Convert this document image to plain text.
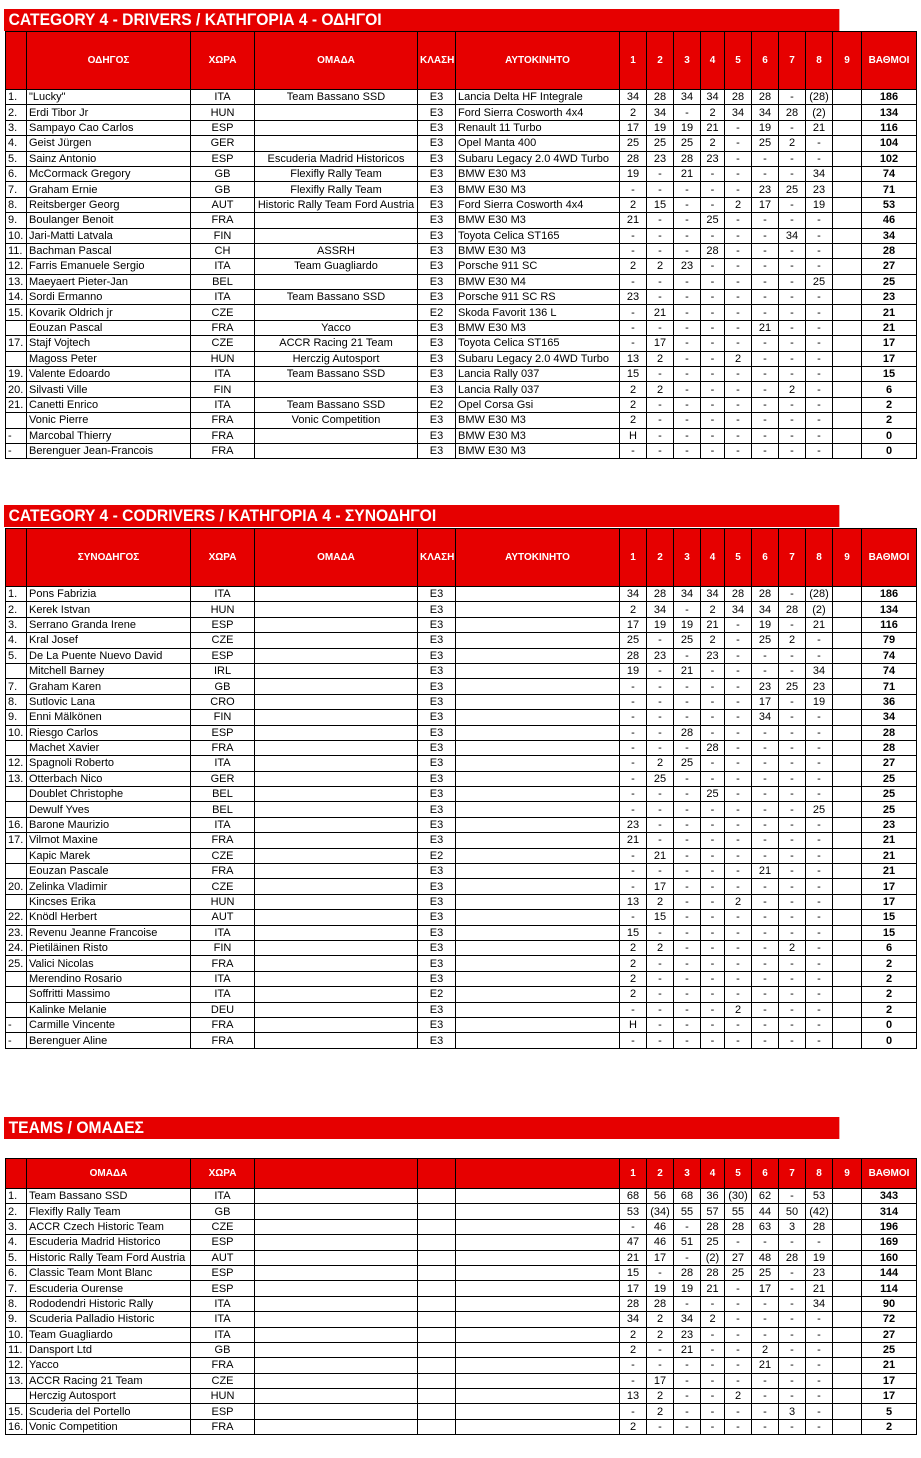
CATEGORY 4 - DRIVERS / ΚΑΤΗΓΟΡΙΑ 4 - ΟΔΗΓΟΙ
	ΟΔΗΓΟΣ	ΧΩΡΑ	ΟΜΑΔΑ	ΚΛΑΣΗ	ΑΥΤΟΚΙΝΗΤΟ	1	2	3	4	5	6	7	8	9	ΒΑΘΜΟΙ
1.	"Lucky"	ITA	Team Bassano SSD	E3	Lancia Delta HF Integrale	34	28	34	34	28	28	-	(28)		186
2.	Erdi Tibor Jr	HUN		E3	Ford Sierra Cosworth 4x4	2	34	-	2	34	34	28	(2)		134
3.	Sampayo Cao Carlos	ESP		E3	Renault 11 Turbo	17	19	19	21	-	19	-	21		116
4.	Geist Jürgen	GER		E3	Opel Manta 400	25	25	25	2	-	25	2	-		104
5.	Sainz Antonio	ESP	Escuderia Madrid Historicos	E3	Subaru Legacy 2.0 4WD Turbo	28	23	28	23	-	-	-	-		102
6.	McCormack Gregory	GB	Flexifly Rally Team	E3	BMW E30 M3	19	-	21	-	-	-	-	34		74
7.	Graham Ernie	GB	Flexifly Rally Team	E3	BMW E30 M3	-	-	-	-	-	23	25	23		71
8.	Reitsberger Georg	AUT	Historic Rally Team Ford Austria	E3	Ford Sierra Cosworth 4x4	2	15	-	-	2	17	-	19		53
9.	Boulanger Benoit	FRA		E3	BMW E30 M3	21	-	-	25	-	-	-	-		46
10.	Jari-Matti Latvala	FIN		E3	Toyota Celica ST165	-	-	-	-	-	-	34	-		34
11.	Bachman Pascal	CH	ASSRH	E3	BMW E30 M3	-	-	-	28	-	-	-	-		28
12.	Farris Emanuele Sergio	ITA	Team Guagliardo	E3	Porsche 911 SC	2	2	23	-	-	-	-	-		27
13.	Maeyaert Pieter-Jan	BEL		E3	BMW E30 M4	-	-	-	-	-	-	-	25		25
14.	Sordi Ermanno	ITA	Team Bassano SSD	E3	Porsche 911 SC RS	23	-	-	-	-	-	-	-		23
15.	Kovarik Oldrich jr	CZE		E2	Skoda Favorit 136 L	-	21	-	-	-	-	-	-		21
	Eouzan Pascal	FRA	Yacco	E3	BMW E30 M3	-	-	-	-	-	21	-	-		21
17.	Stajf Vojtech	CZE	ACCR Racing 21 Team	E3	Toyota Celica ST165	-	17	-	-	-	-	-	-		17
	Magoss Peter	HUN	Herczig Autosport	E3	Subaru Legacy 2.0 4WD Turbo	13	2	-	-	2	-	-	-		17
19.	Valente Edoardo	ITA	Team Bassano SSD	E3	Lancia Rally 037	15	-	-	-	-	-	-	-		15
20.	Silvasti Ville	FIN		E3	Lancia Rally 037	2	2	-	-	-	-	2	-		6
21.	Canetti Enrico	ITA	Team Bassano SSD	E2	Opel Corsa Gsi	2	-	-	-	-	-	-	-		2
	Vonic Pierre	FRA	Vonic Competition	E3	BMW E30 M3	2	-	-	-	-	-	-	-		2
-	Marcobal Thierry	FRA		E3	BMW E30 M3	H	-	-	-	-	-	-	-		0
-	Berenguer Jean-Francois	FRA		E3	BMW E30 M3	-	-	-	-	-	-	-	-		0
CATEGORY 4 - CODRIVERS / ΚΑΤΗΓΟΡΙΑ 4 - ΣΥΝΟΔΗΓΟΙ
	ΣΥΝΟΔΗΓΟΣ	ΧΩΡΑ	ΟΜΑΔΑ	ΚΛΑΣΗ	ΑΥΤΟΚΙΝΗΤΟ	1	2	3	4	5	6	7	8	9	ΒΑΘΜΟΙ
1.	Pons Fabrizia	ITA		E3		34	28	34	34	28	28	-	(28)		186
2.	Kerek Istvan	HUN		E3		2	34	-	2	34	34	28	(2)		134
3.	Serrano Granda Irene	ESP		E3		17	19	19	21	-	19	-	21		116
4.	Kral Josef	CZE		E3		25	-	25	2	-	25	2	-		79
5.	De La Puente Nuevo David	ESP		E3		28	23	-	23	-	-	-	-		74
	Mitchell Barney	IRL		E3		19	-	21	-	-	-	-	34		74
7.	Graham Karen	GB		E3		-	-	-	-	-	23	25	23		71
8.	Sutlovic Lana	CRO		E3		-	-	-	-	-	17	-	19		36
9.	Enni Mälkönen	FIN		E3		-	-	-	-	-	34	-	-		34
10.	Riesgo Carlos	ESP		E3		-	-	28	-	-	-	-	-		28
	Machet Xavier	FRA		E3		-	-	-	28	-	-	-	-		28
12.	Spagnoli Roberto	ITA		E3		-	2	25	-	-	-	-	-		27
13.	Otterbach Nico	GER		E3		-	25	-	-	-	-	-	-		25
	Doublet Christophe	BEL		E3		-	-	-	25	-	-	-	-		25
	Dewulf Yves	BEL		E3		-	-	-	-	-	-	-	25		25
16.	Barone Maurizio	ITA		E3		23	-	-	-	-	-	-	-		23
17.	Vilmot Maxine	FRA		E3		21	-	-	-	-	-	-	-		21
	Kapic Marek	CZE		E2		-	21	-	-	-	-	-	-		21
	Eouzan Pascale	FRA		E3		-	-	-	-	-	21	-	-		21
20.	Zelinka Vladimir	CZE		E3		-	17	-	-	-	-	-	-		17
	Kincses Erika	HUN		E3		13	2	-	-	2	-	-	-		17
22.	Knödl Herbert	AUT		E3		-	15	-	-	-	-	-	-		15
23.	Revenu Jeanne Francoise	ITA		E3		15	-	-	-	-	-	-	-		15
24.	Pietiläinen Risto	FIN		E3		2	2	-	-	-	-	2	-		6
25.	Valici Nicolas	FRA		E3		2	-	-	-	-	-	-	-		2
	Merendino Rosario	ITA		E3		2	-	-	-	-	-	-	-		2
	Soffritti Massimo	ITA		E2		2	-	-	-	-	-	-	-		2
	Kalinke Melanie	DEU		E3		-	-	-	-	2	-	-	-		2
-	Carmille Vincente	FRA		E3		H	-	-	-	-	-	-	-		0
-	Berenguer Aline	FRA		E3		-	-	-	-	-	-	-	-		0
TEAMS / ΟΜΑΔΕΣ
	ΟΜΑΔΑ	ΧΩΡΑ				1	2	3	4	5	6	7	8	9	ΒΑΘΜΟΙ
1.	Team Bassano SSD	ITA				68	56	68	36	(30)	62	-	53		343
2.	Flexifly Rally Team	GB				53	(34)	55	57	55	44	50	(42)		314
3.	ACCR Czech Historic Team	CZE				-	46	-	28	28	63	3	28		196
4.	Escuderia Madrid Historico	ESP				47	46	51	25	-	-	-	-		169
5.	Historic Rally Team Ford Austria	AUT				21	17	-	(2)	27	48	28	19		160
6.	Classic Team Mont Blanc	ESP				15	-	28	28	25	25	-	23		144
7.	Escuderia Ourense	ESP				17	19	19	21	-	17	-	21		114
8.	Rododendri Historic Rally	ITA				28	28	-	-	-	-	-	34		90
9.	Scuderia Palladio Historic	ITA				34	2	34	2	-	-	-	-		72
10.	Team Guagliardo	ITA				2	2	23	-	-	-	-	-		27
11.	Dansport Ltd	GB				2	-	21	-	-	2	-	-		25
12.	Yacco	FRA				-	-	-	-	-	21	-	-		21
13.	ACCR Racing 21 Team	CZE				-	17	-	-	-	-	-	-		17
	Herczig Autosport	HUN				13	2	-	-	2	-	-	-		17
15.	Scuderia del Portello	ESP				-	2	-	-	-	-	3	-		5
16.	Vonic Competition	FRA				2	-	-	-	-	-	-	-		2
